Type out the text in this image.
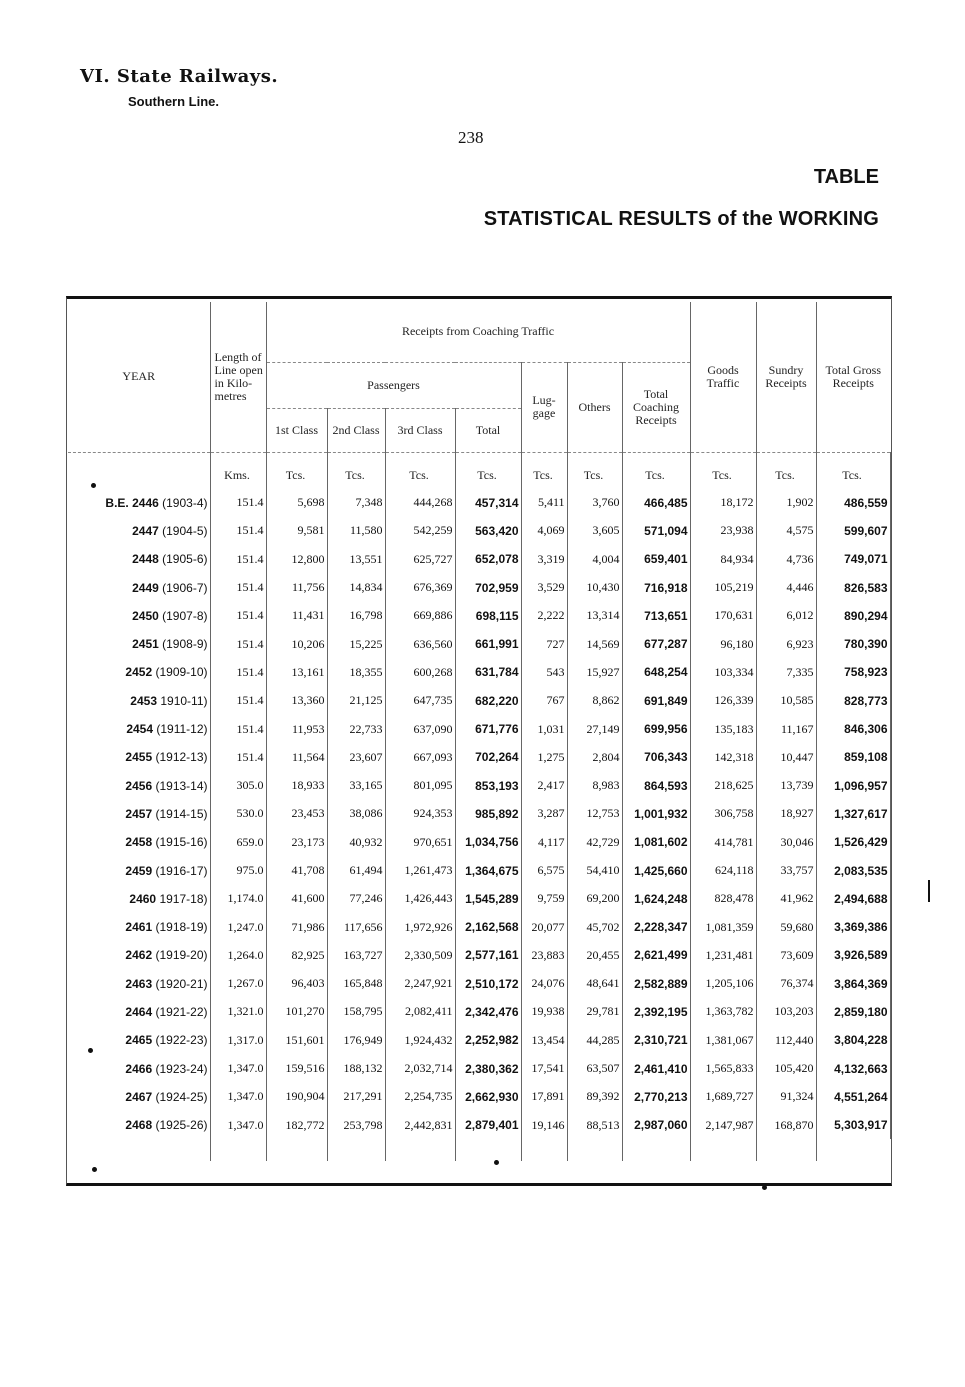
VI. State Railways.
Southern Line.
238
TABLE
STATISTICAL RESULTS of the WORKING
YEAR	Length of Line open in Kilo-metres	Receipts from Coaching Traffic							Goods Traffic	Sundry Receipts	Total Gross Receipts
		Passengers				Lug-gage	Others	Total Coaching Receipts			
		1st Class	2nd Class	3rd Class	Total						
	Kms.	Tcs.	Tcs.	Tcs.	Tcs.	Tcs.	Tcs.	Tcs.	Tcs.	Tcs.	Tcs.
B.E. 2446 (1903-4)	151.4	5,698	7,348	444,268	457,314	5,411	3,760	466,485	18,172	1,902	486,559
2447 (1904-5)	151.4	9,581	11,580	542,259	563,420	4,069	3,605	571,094	23,938	4,575	599,607
2448 (1905-6)	151.4	12,800	13,551	625,727	652,078	3,319	4,004	659,401	84,934	4,736	749,071
2449 (1906-7)	151.4	11,756	14,834	676,369	702,959	3,529	10,430	716,918	105,219	4,446	826,583
2450 (1907-8)	151.4	11,431	16,798	669,886	698,115	2,222	13,314	713,651	170,631	6,012	890,294
2451 (1908-9)	151.4	10,206	15,225	636,560	661,991	727	14,569	677,287	96,180	6,923	780,390
2452 (1909-10)	151.4	13,161	18,355	600,268	631,784	543	15,927	648,254	103,334	7,335	758,923
2453 1910-11)	151.4	13,360	21,125	647,735	682,220	767	8,862	691,849	126,339	10,585	828,773
2454 (1911-12)	151.4	11,953	22,733	637,090	671,776	1,031	27,149	699,956	135,183	11,167	846,306
2455 (1912-13)	151.4	11,564	23,607	667,093	702,264	1,275	2,804	706,343	142,318	10,447	859,108
2456 (1913-14)	305.0	18,933	33,165	801,095	853,193	2,417	8,983	864,593	218,625	13,739	1,096,957
2457 (1914-15)	530.0	23,453	38,086	924,353	985,892	3,287	12,753	1,001,932	306,758	18,927	1,327,617
2458 (1915-16)	659.0	23,173	40,932	970,651	1,034,756	4,117	42,729	1,081,602	414,781	30,046	1,526,429
2459 (1916-17)	975.0	41,708	61,494	1,261,473	1,364,675	6,575	54,410	1,425,660	624,118	33,757	2,083,535
2460 1917-18)	1,174.0	41,600	77,246	1,426,443	1,545,289	9,759	69,200	1,624,248	828,478	41,962	2,494,688
2461 (1918-19)	1,247.0	71,986	117,656	1,972,926	2,162,568	20,077	45,702	2,228,347	1,081,359	59,680	3,369,386
2462 (1919-20)	1,264.0	82,925	163,727	2,330,509	2,577,161	23,883	20,455	2,621,499	1,231,481	73,609	3,926,589
2463 (1920-21)	1,267.0	96,403	165,848	2,247,921	2,510,172	24,076	48,641	2,582,889	1,205,106	76,374	3,864,369
2464 (1921-22)	1,321.0	101,270	158,795	2,082,411	2,342,476	19,938	29,781	2,392,195	1,363,782	103,203	2,859,180
2465 (1922-23)	1,317.0	151,601	176,949	1,924,432	2,252,982	13,454	44,285	2,310,721	1,381,067	112,440	3,804,228
2466 (1923-24)	1,347.0	159,516	188,132	2,032,714	2,380,362	17,541	63,507	2,461,410	1,565,833	105,420	4,132,663
2467 (1924-25)	1,347.0	190,904	217,291	2,254,735	2,662,930	17,891	89,392	2,770,213	1,689,727	91,324	4,551,264
2468 (1925-26)	1,347.0	182,772	253,798	2,442,831	2,879,401	19,146	88,513	2,987,060	2,147,987	168,870	5,303,917
